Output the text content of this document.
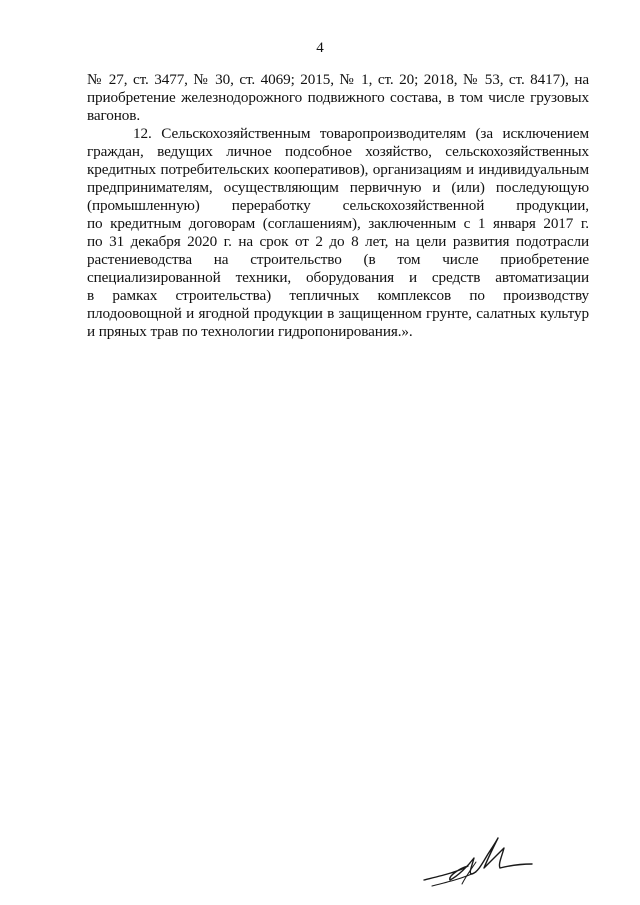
4
№ 27, ст. 3477, № 30, ст. 4069; 2015, № 1, ст. 20; 2018, № 53, ст. 8417), на
приобретение железнодорожного подвижного состава, в том числе грузовых
вагонов.
12. Сельскохозяйственным товаропроизводителям (за исключением
граждан, ведущих личное подсобное хозяйство, сельскохозяйственных
кредитных потребительских кооперативов), организациям и индивидуальным
предпринимателям, осуществляющим первичную и (или) последующую
(промышленную) переработку сельскохозяйственной продукции,
по кредитным договорам (соглашениям), заключенным с 1 января 2017 г.
по 31 декабря 2020 г. на срок от 2 до 8 лет, на цели развития подотрасли
растениеводства на строительство (в том числе приобретение
специализированной техники, оборудования и средств автоматизации
в рамках строительства) тепличных комплексов по производству
плодоовощной и ягодной продукции в защищенном грунте, салатных культур
и пряных трав по технологии гидропонирования.».
